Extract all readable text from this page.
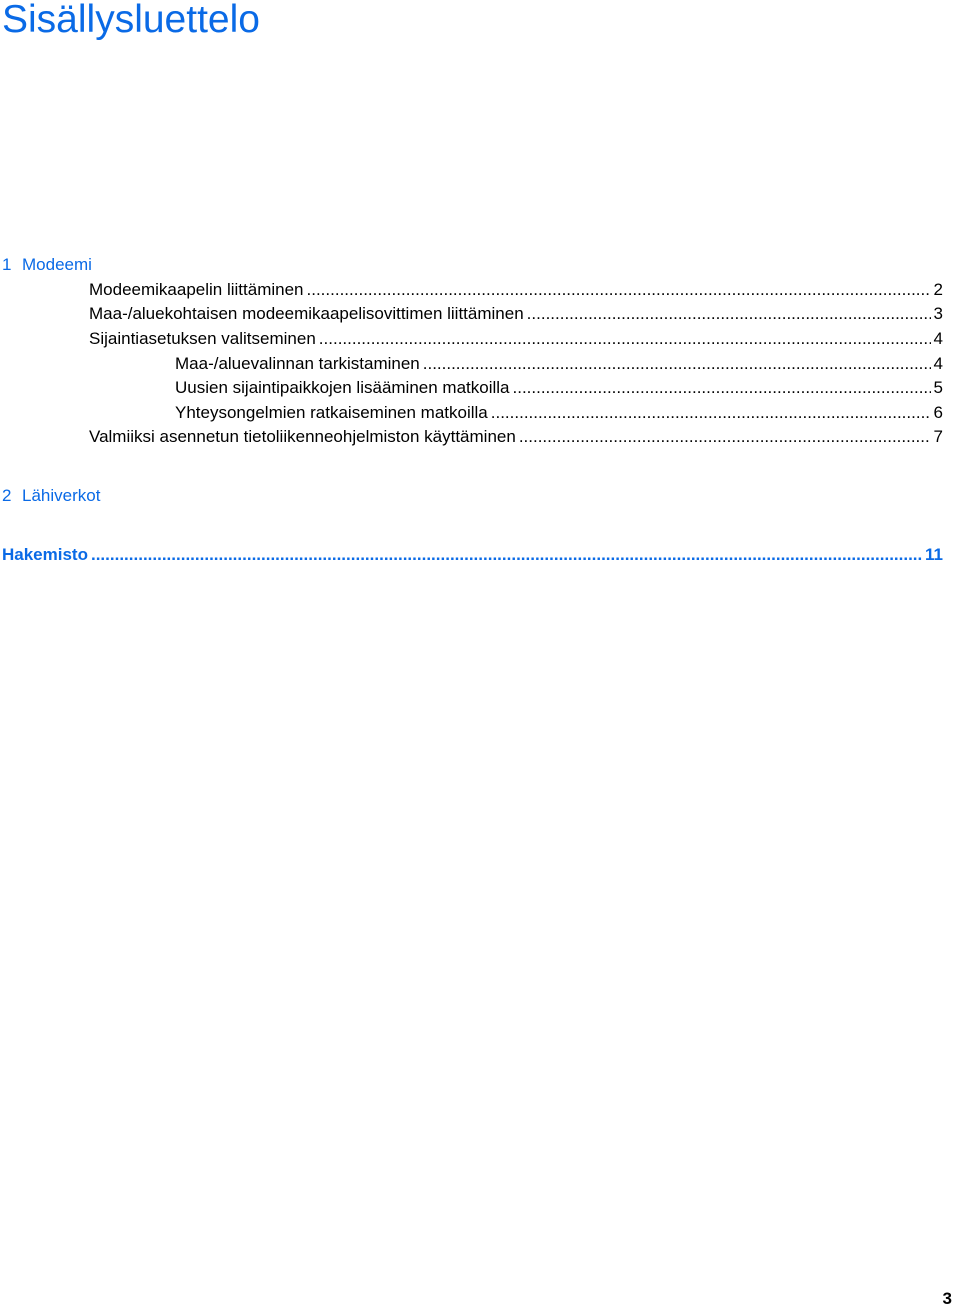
Sisällysluettelo
1 Modeemi
Modeemikaapelin liittäminen .....	2
Maa-/aluekohtaisen modeemikaapelisovittimen liittäminen .....	3
Sijaintiasetuksen valitseminen .....	4
Maa-/aluevalinnan tarkistaminen .....	4
Uusien sijaintipaikkojen lisääminen matkoilla .....	5
Yhteysongelmien ratkaiseminen matkoilla .....	6
Valmiiksi asennetun tietoliikenneohjelmiston käyttäminen .....	7
2 Lähiverkot
Hakemisto .....	11
3
